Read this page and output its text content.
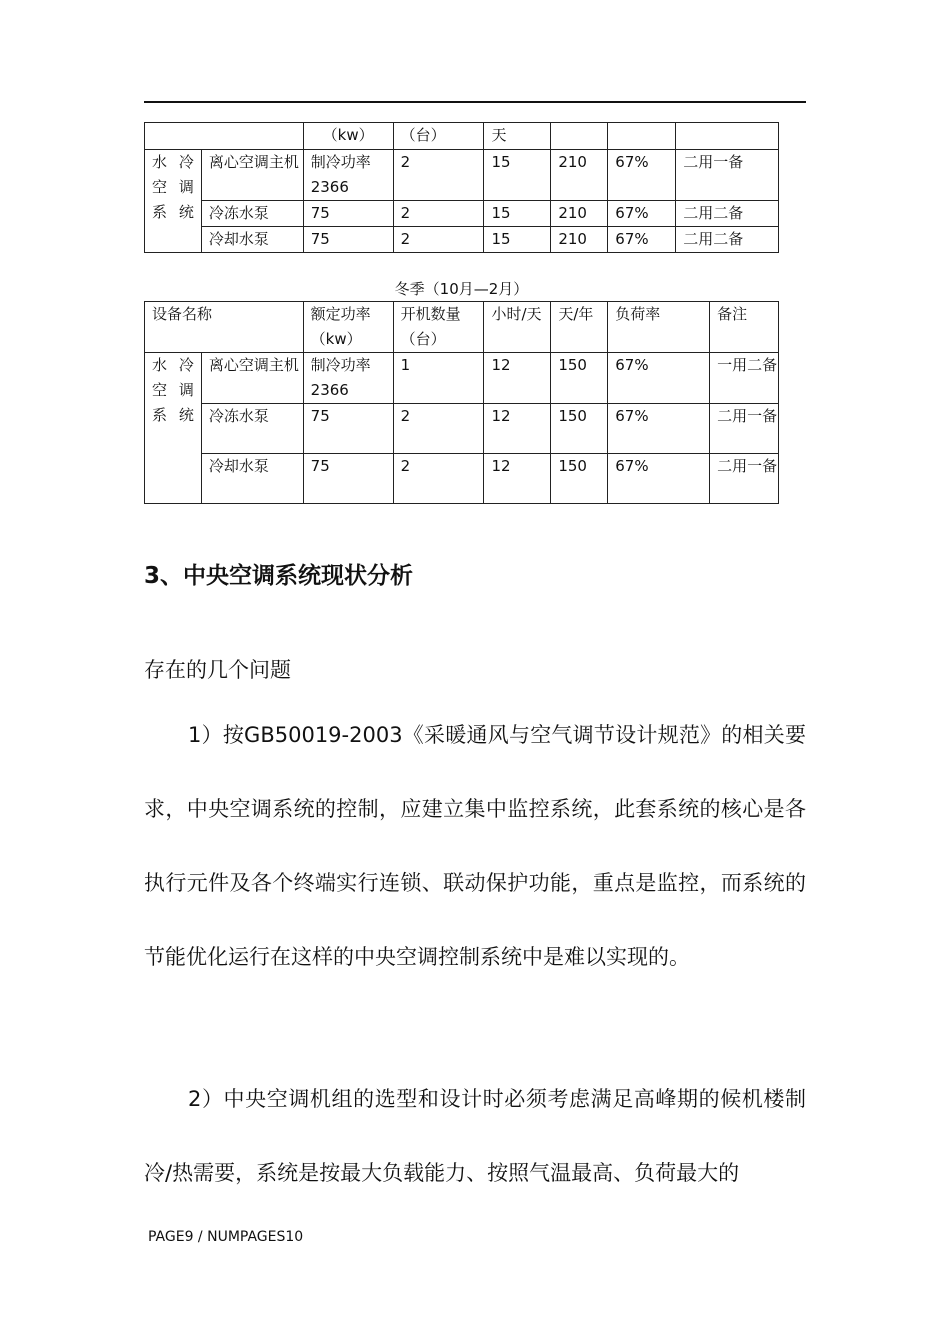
		（kw）	（台）	天			
水冷空调系统	离心空调主机	制冷功率2366	2	15	210	67%	二用一备
	冷冻水泵	75	2	15	210	67%	二用二备
	冷却水泵	75	2	15	210	67%	二用二备
冬季（10月—2月）
设备名称		额定功率（kw）	开机数量（台）	小时/天	天/年	负荷率	备注
水冷空调系统	离心空调主机	制冷功率2366	1	12	150	67%	一用二备
	冷冻水泵	75	2	12	150	67%	二用一备
	冷却水泵	75	2	12	150	67%	二用一备
3、中央空调系统现状分析
存在的几个问题
1）按GB50019-2003《采暖通风与空气调节设计规范》的相关要求，中央空调系统的控制，应建立集中监控系统，此套系统的核心是各执行元件及各个终端实行连锁、联动保护功能，重点是监控，而系统的节能优化运行在这样的中央空调控制系统中是难以实现的。
2）中央空调机组的选型和设计时必须考虑满足高峰期的候机楼制冷/热需要，系统是按最大负载能力、按照气温最高、负荷最大的
PAGE9 / NUMPAGES10
